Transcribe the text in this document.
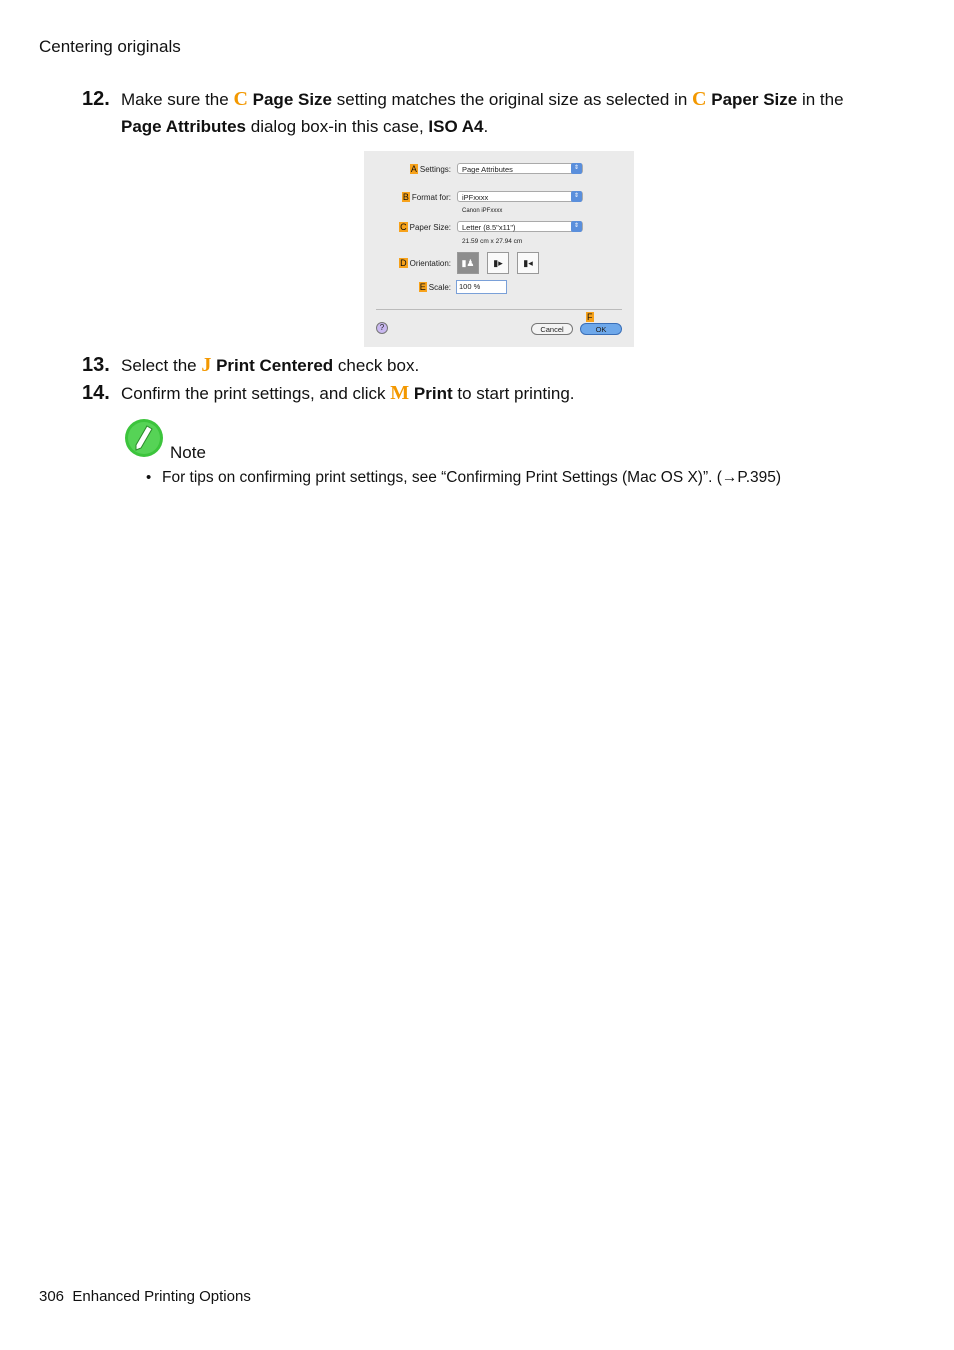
Centering originals
12. Make sure the C Page Size setting matches the original size as selected in C Paper Size in the
Page Attributes dialog box-in this case, ISO A4.
A Settings:	Page Attributes	⇕
B Format for:	iPFxxxx	⇕
Canon iPFxxxx
C Paper Size:	Letter (8.5"x11")	⇕
21.59 cm x 27.94 cm
D Orientation:	▮♟	▮▸	▮◂
E Scale:	100 %
?	Cancel
F
OK
13. Select the J Print Centered check box.
14. Confirm the print settings, and click M Print to start printing.
Note
• For tips on confirming print settings, see “Confirming Print Settings (Mac OS X)”. (→P.395)
306 Enhanced Printing Options
